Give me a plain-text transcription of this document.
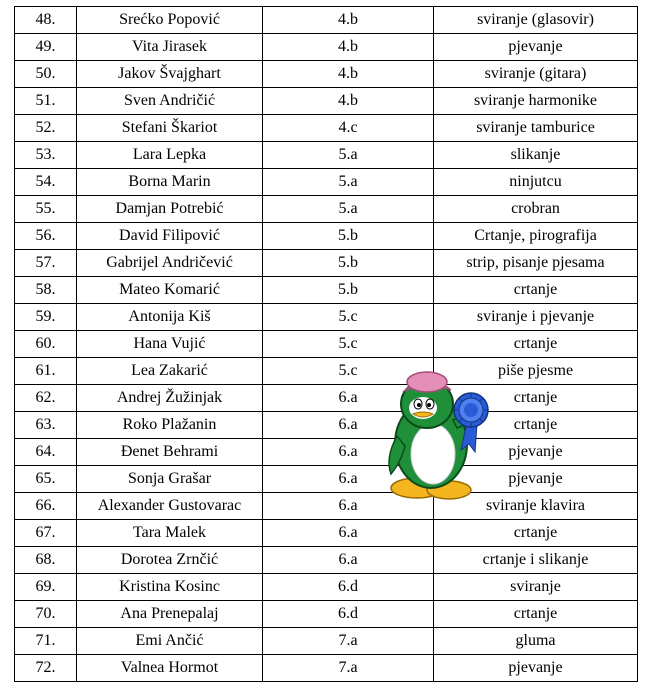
48.	Srećko Popović	4.b	sviranje (glasovir)
49.	Vita Jirasek	4.b	pjevanje
50.	Jakov Švajghart	4.b	sviranje (gitara)
51.	Sven Andričić	4.b	sviranje harmonike
52.	Stefani Škariot	4.c	sviranje tamburice
53.	Lara Lepka	5.a	slikanje
54.	Borna Marin	5.a	ninjutcu
55.	Damjan Potrebić	5.a	crobran
56.	David Filipović	5.b	Crtanje, pirografija
57.	Gabrijel Andričević	5.b	strip, pisanje pjesama
58.	Mateo Komarić	5.b	crtanje
59.	Antonija Kiš	5.c	sviranje i pjevanje
60.	Hana Vujić	5.c	crtanje
61.	Lea Zakarić	5.c	piše pjesme
62.	Andrej Žužinjak	6.a	crtanje
63.	Roko Plažanin	6.a	crtanje
64.	Đenet Behrami	6.a	pjevanje
65.	Sonja Grašar	6.a	pjevanje
66.	Alexander Gustovarac	6.a	sviranje klavira
67.	Tara Malek	6.a	crtanje
68.	Dorotea Zrnčić	6.a	crtanje i slikanje
69.	Kristina Kosinc	6.d	sviranje
70.	Ana Prenepalaj	6.d	crtanje
71.	Emi Ančić	7.a	gluma
72.	Valnea Hormot	7.a	pjevanje
